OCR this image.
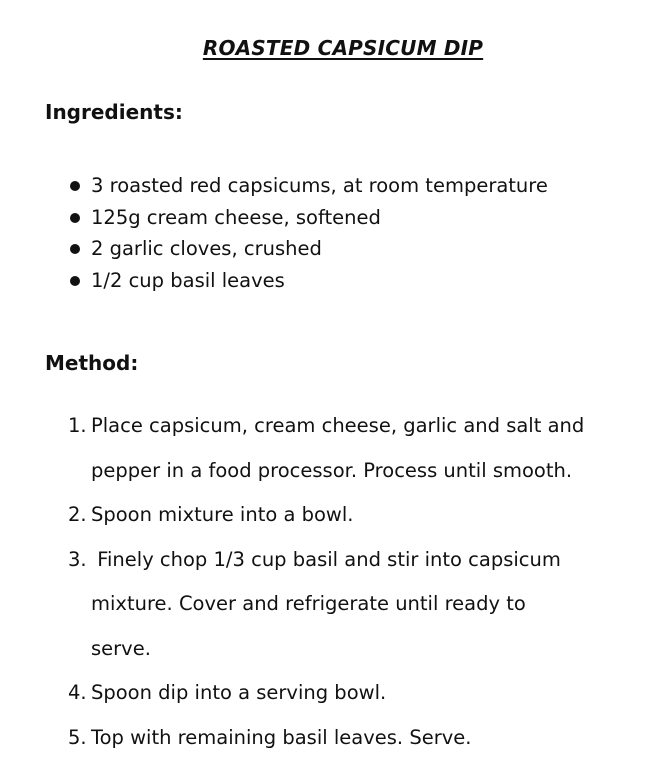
ROASTED CAPSICUM DIP
Ingredients:
3 roasted red capsicums, at room temperature
125g cream cheese, softened
2 garlic cloves, crushed
1/2 cup basil leaves
Method:
1. Place capsicum, cream cheese, garlic and salt and
pepper in a food processor. Process until smooth.
2. Spoon mixture into a bowl.
3. Finely chop 1/3 cup basil and stir into capsicum
mixture. Cover and refrigerate until ready to
serve.
4. Spoon dip into a serving bowl.
5. Top with remaining basil leaves. Serve.
